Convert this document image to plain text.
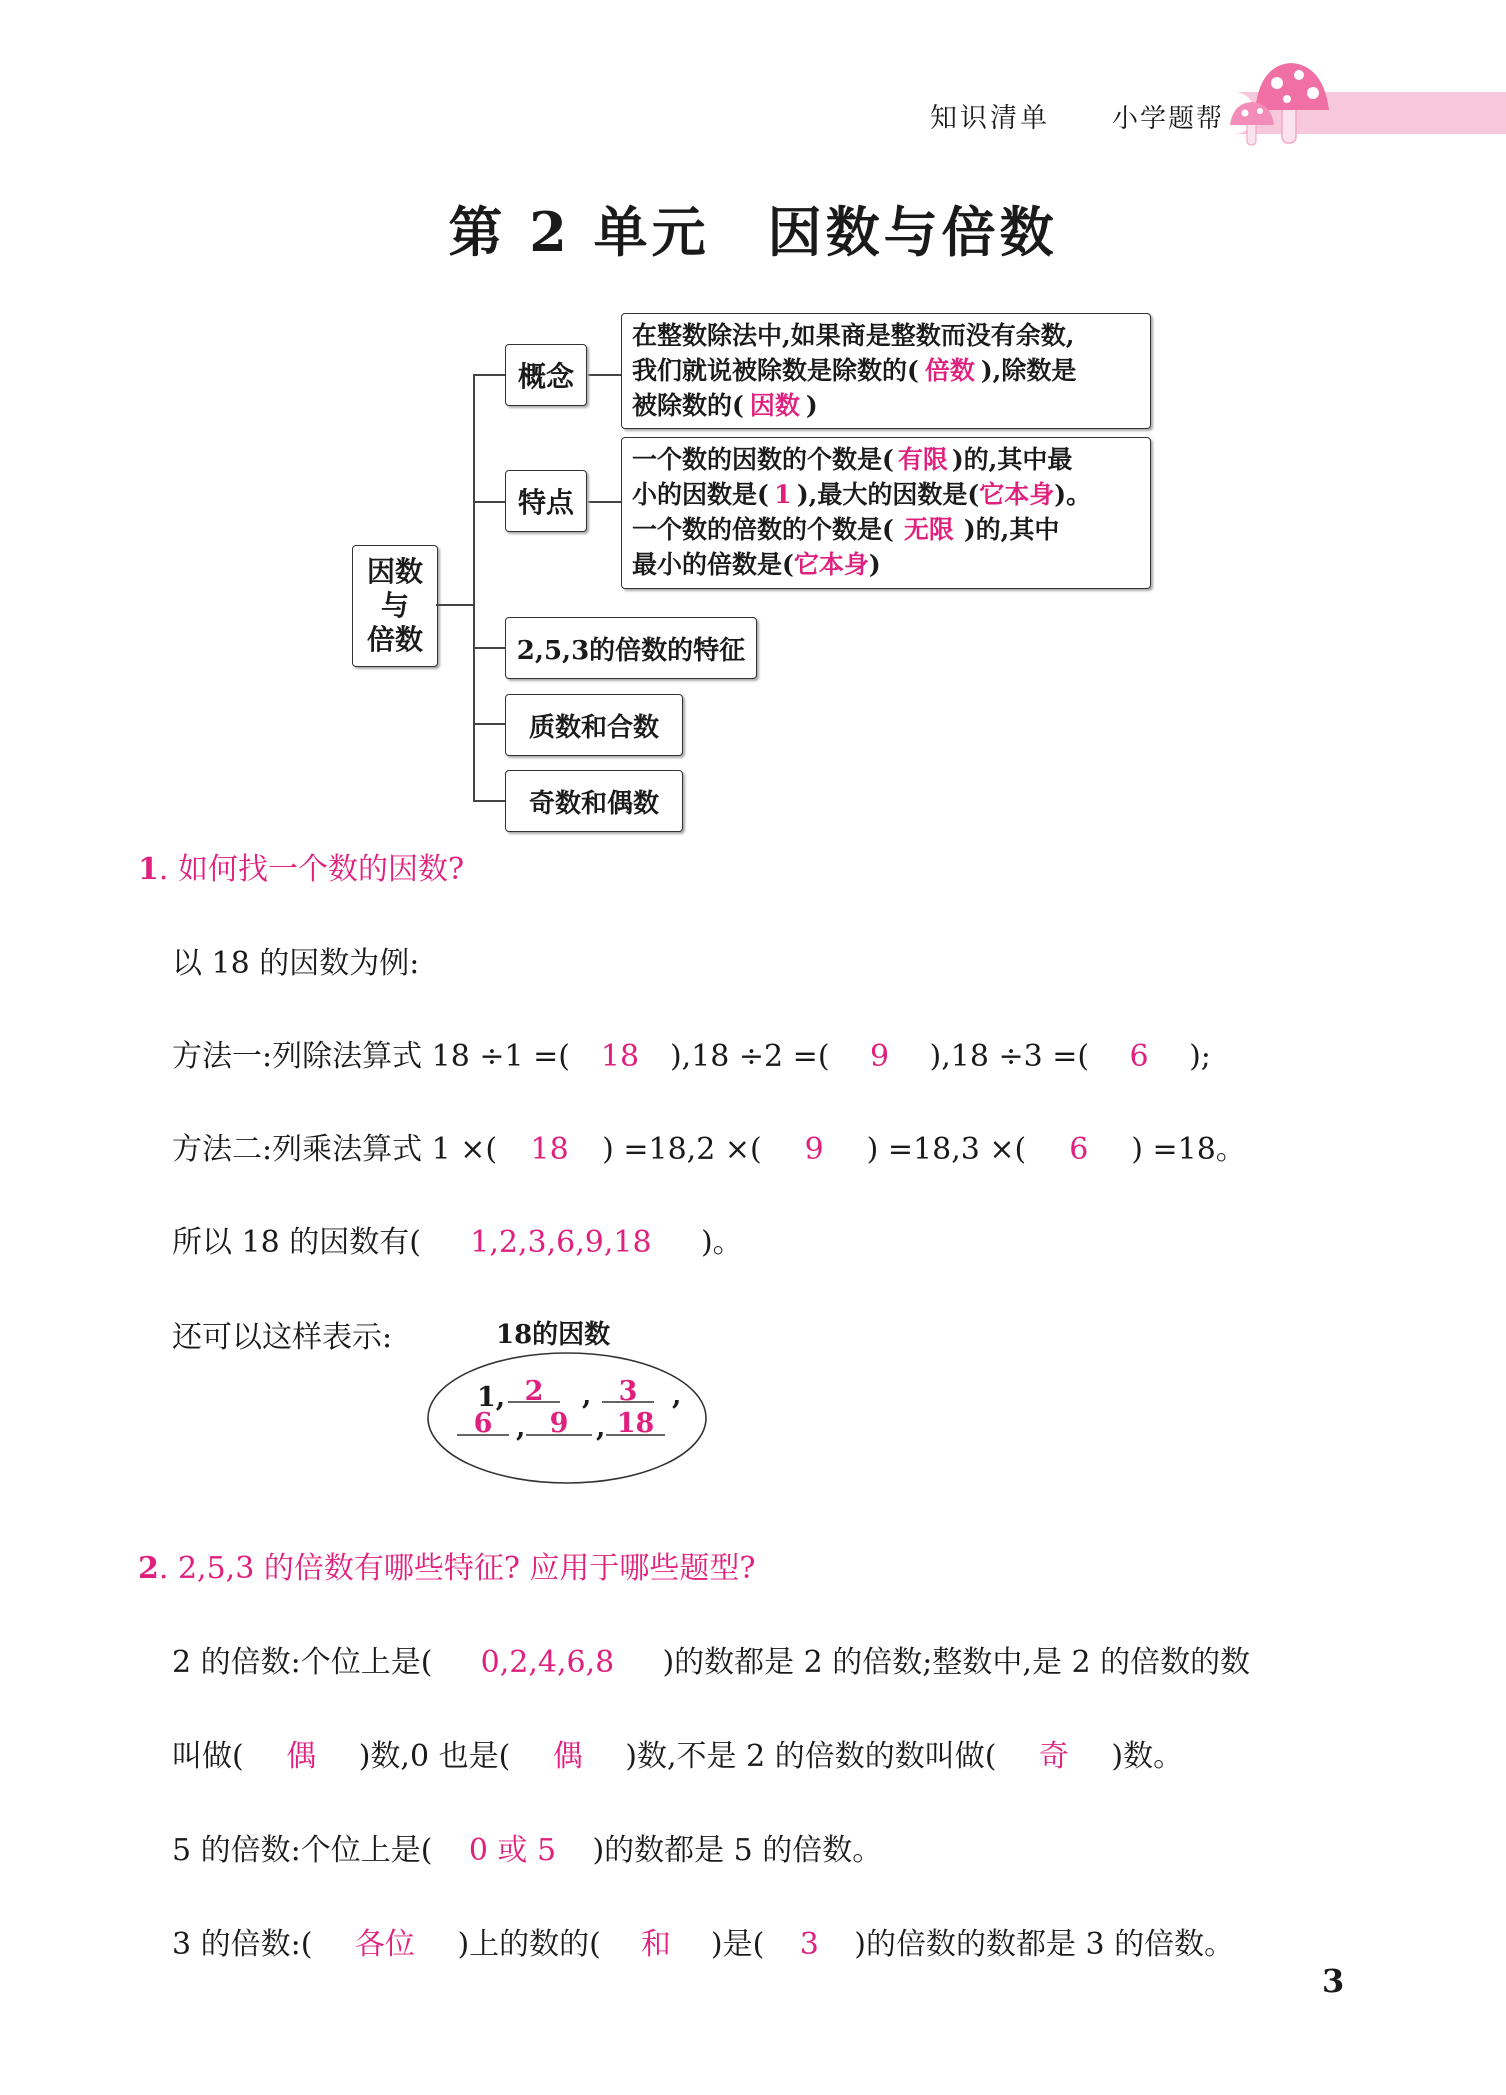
知识清单 小学题帮
第 2 单元　因数与倍数
因数
与
倍数
概念
特点
2,5,3的倍数的特征
质数和合数
奇数和偶数
在整数除法中,如果商是整数而没有余数,
我们就说被除数是除数的( 倍数 ),除数是
被除数的( 因数 )
一个数的因数的个数是( 有限 )的,其中最
小的因数是( 1 ),最大的因数是(它本身)。
一个数的倍数的个数是( 无限 )的,其中
最小的倍数是(它本身)
1. 如何找一个数的因数?
以 18 的因数为例:
方法一:列除法算式 18 ÷1 =( 18 ),18 ÷2 =( 9 ),18 ÷3 =( 6 );
方法二:列乘法算式 1 ×( 18 ) =18,2 ×( 9 ) =18,3 ×( 6 ) =18。
所以 18 的因数有( 1,2,3,6,9,18 )。
还可以这样表示:	18的因数
1, 2	,	3	,
6 , 9	, 18
2. 2,5,3 的倍数有哪些特征? 应用于哪些题型?
2 的倍数:个位上是( 0,2,4,6,8 )的数都是 2 的倍数;整数中,是 2 的倍数的数
叫做( 偶 )数,0 也是( 偶 )数,不是 2 的倍数的数叫做( 奇 )数。
5 的倍数:个位上是( 0 或 5 )的数都是 5 的倍数。
3 的倍数:( 各位 )上的数的( 和 )是( 3 )的倍数的数都是 3 的倍数。
3
